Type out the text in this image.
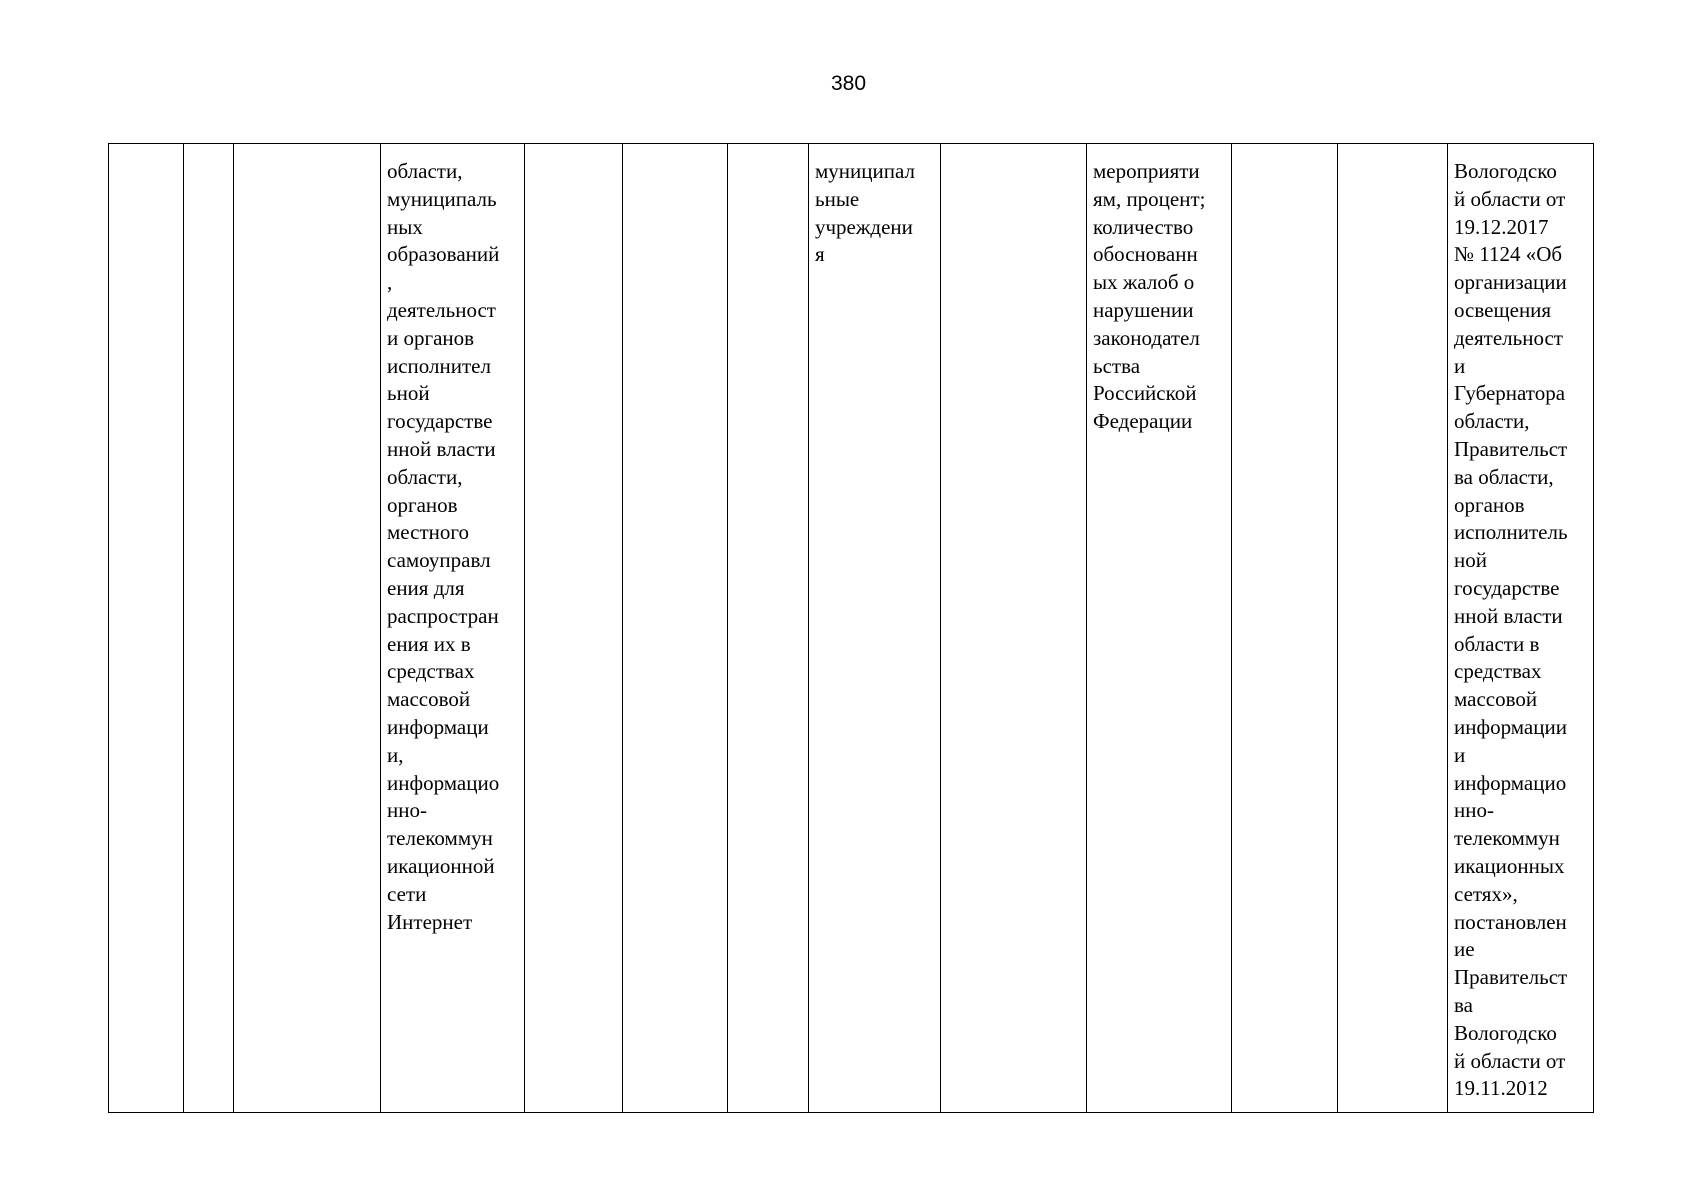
380

области,
муниципаль
ных
образований
,
деятельност
и органов
исполнител
ьной
государстве
нной власти
области,
органов
местного
самоуправл
ения для
распростран
ения их в
средствах
массовой
информаци
и,
информацио
нно-
телекоммун
икационной
сети
Интернет

муниципал
ьные
учреждени
я

мероприяти
ям, процент;
количество
обоснованн
ых жалоб о
нарушении
законодател
ьства
Российской
Федерации

Вологодско
й области от
19.12.2017
№ 1124 «Об
организации
освещения
деятельност
и
Губернатора
области,
Правительст
ва области,
органов
исполнитель
ной
государстве
нной власти
области в
средствах
массовой
информации
и
информацио
нно-
телекоммун
икационных
сетях»,
постановлен
ие
Правительст
ва
Вологодско
й области от
19.11.2012
